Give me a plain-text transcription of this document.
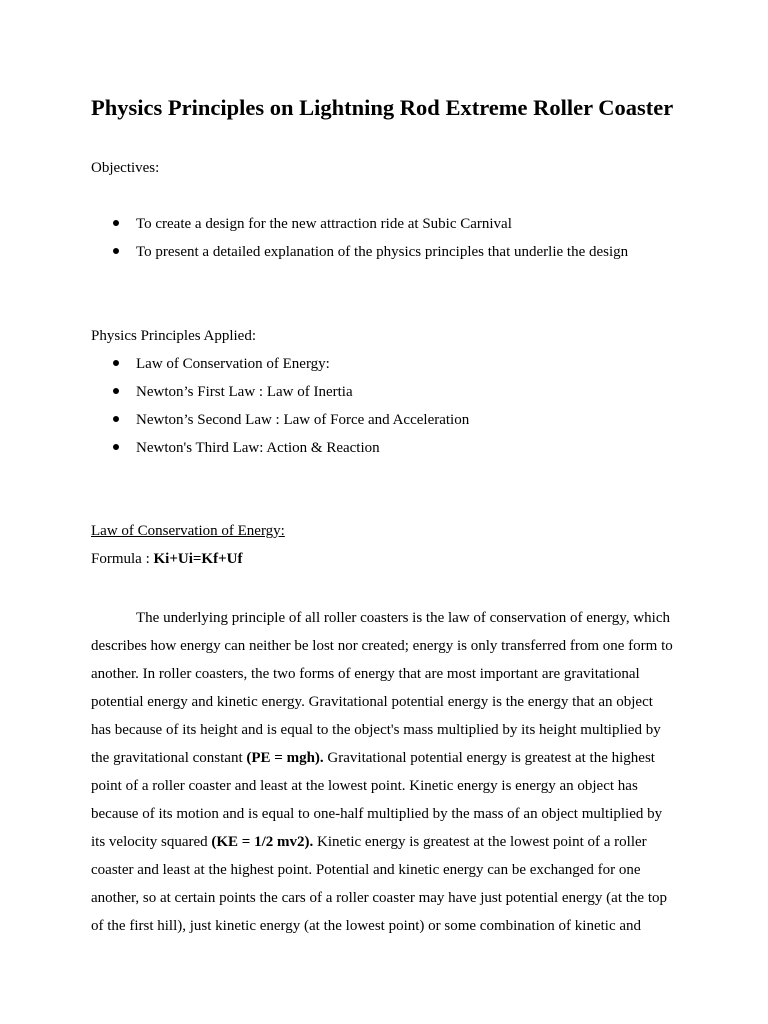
Physics Principles on Lightning Rod Extreme Roller Coaster

Objectives:

To create a design for the new attraction ride at Subic Carnival
To present a detailed explanation of the physics principles that underlie the design

Physics Principles Applied:

Law of Conservation of Energy:
Newton’s First Law : Law of Inertia
Newton’s Second Law : Law of Force and Acceleration
Newton's Third Law: Action & Reaction

Law of Conservation of Energy:

Formula : Ki+Ui=Kf+Uf

The underlying principle of all roller coasters is the law of conservation of energy, which
describes how energy can neither be lost nor created; energy is only transferred from one form to
another. In roller coasters, the two forms of energy that are most important are gravitational
potential energy and kinetic energy. Gravitational potential energy is the energy that an object
has because of its height and is equal to the object's mass multiplied by its height multiplied by
the gravitational constant (PE = mgh). Gravitational potential energy is greatest at the highest
point of a roller coaster and least at the lowest point. Kinetic energy is energy an object has
because of its motion and is equal to one-half multiplied by the mass of an object multiplied by
its velocity squared (KE = 1/2 mv2). Kinetic energy is greatest at the lowest point of a roller
coaster and least at the highest point. Potential and kinetic energy can be exchanged for one
another, so at certain points the cars of a roller coaster may have just potential energy (at the top
of the first hill), just kinetic energy (at the lowest point) or some combination of kinetic and
